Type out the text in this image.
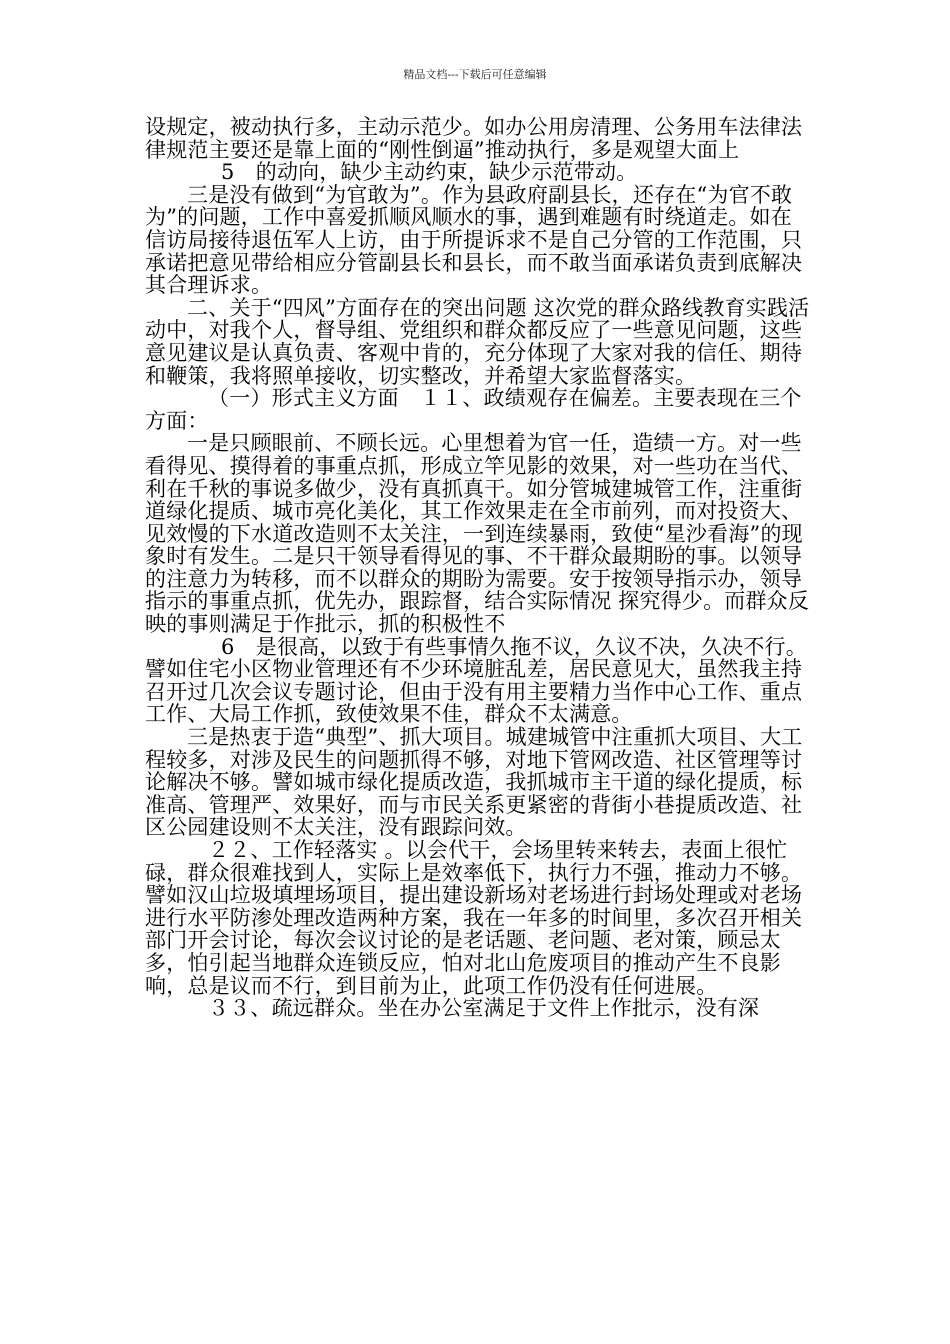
精品文档---下载后可任意编辑

设规定，被动执行多，主动示范少。如办公用房清理、公务用车法律法律规范主要还是靠上面的“刚性倒逼”推动执行，多是观望大面上

5　的动向，缺少主动约束，缺少示范带动。

三是没有做到“为官敢为”。作为县政府副县长，还存在“为官不敢为”的问题，工作中喜爱抓顺风顺水的事，遇到难题有时绕道走。如在信访局接待退伍军人上访，由于所提诉求不是自己分管的工作范围，只承诺把意见带给相应分管副县长和县长，而不敢当面承诺负责到底解决其合理诉求。

二、关于“四风”方面存在的突出问题 这次党的群众路线教育实践活动中，对我个人，督导组、党组织和群众都反应了一些意见问题，这些意见建议是认真负责、客观中肯的，充分体现了大家对我的信任、期待和鞭策，我将照单接收，切实整改，并希望大家监督落实。

（一）形式主义方面　１１、政绩观存在偏差。主要表现在三个方面：

一是只顾眼前、不顾长远。心里想着为官一任，造绩一方。对一些看得见、摸得着的事重点抓，形成立竿见影的效果，对一些功在当代、利在千秋的事说多做少，没有真抓真干。如分管城建城管工作，注重街道绿化提质、城市亮化美化，其工作效果走在全市前列，而对投资大、见效慢的下水道改造则不太关注，一到连续暴雨，致使“星沙看海”的现象时有发生。二是只干领导看得见的事、不干群众最期盼的事。以领导的注意力为转移，而不以群众的期盼为需要。安于按领导指示办，领导指示的事重点抓，优先办，跟踪督，结合实际情况 探究得少。而群众反映的事则满足于作批示，抓的积极性不

6　是很高，以致于有些事情久拖不议，久议不决，久决不行。譬如住宅小区物业管理还有不少环境脏乱差，居民意见大，虽然我主持召开过几次会议专题讨论，但由于没有用主要精力当作中心工作、重点工作、大局工作抓，致使效果不佳，群众不太满意。

三是热衷于造“典型”、抓大项目。城建城管中注重抓大项目、大工程较多，对涉及民生的问题抓得不够，对地下管网改造、社区管理等讨论解决不够。譬如城市绿化提质改造，我抓城市主干道的绿化提质，标准高、管理严、效果好，而与市民关系更紧密的背街小巷提质改造、社区公园建设则不太关注，没有跟踪问效。

２２、工作轻落实 。以会代干，会场里转来转去，表面上很忙碌，群众很难找到人，实际上是效率低下，执行力不强，推动力不够。譬如汉山垃圾填埋场项目，提出建设新场对老场进行封场处理或对老场进行水平防渗处理改造两种方案，我在一年多的时间里，多次召开相关部门开会讨论，每次会议讨论的是老话题、老问题、老对策，顾忌太多，怕引起当地群众连锁反应，怕对北山危废项目的推动产生不良影响，总是议而不行，到目前为止，此项工作仍没有任何进展。

３３、疏远群众。坐在办公室满足于文件上作批示，没有深
